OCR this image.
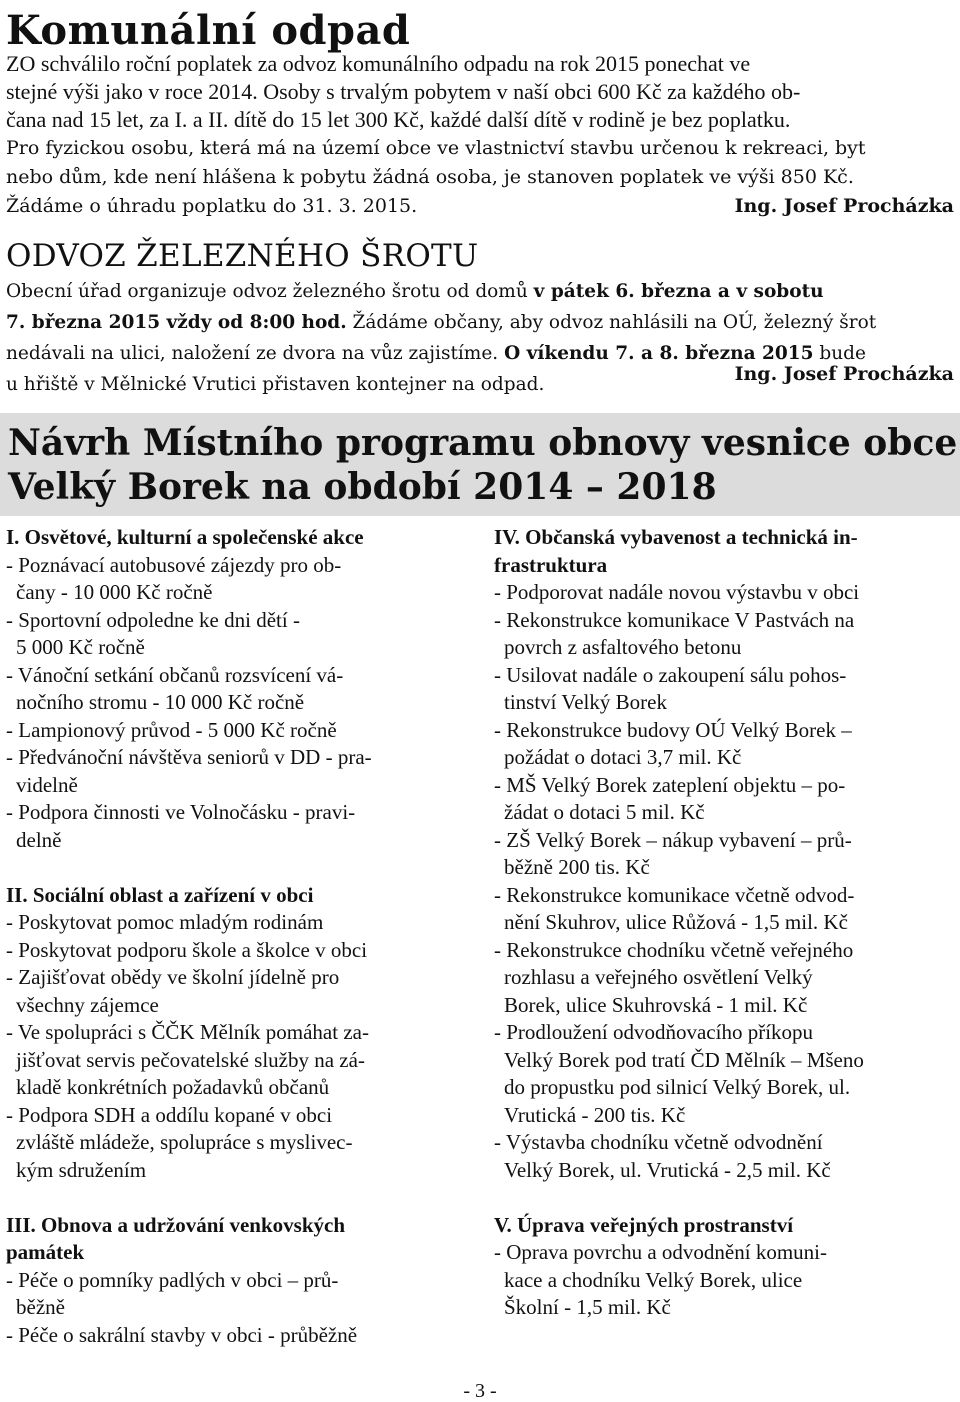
Komunální odpad
ZO schválilo roční poplatek za odvoz komunálního odpadu na rok 2015 ponechat ve
stejné výši jako v roce 2014. Osoby s trvalým pobytem v naší obci 600 Kč za každého ob-
čana nad 15 let, za I. a II. dítě do 15 let 300 Kč, každé další dítě v rodině je bez poplatku.
Pro fyzickou osobu, která má na území obce ve vlastnictví stavbu určenou k rekreaci, byt
nebo dům, kde není hlášena k pobytu žádná osoba, je stanoven poplatek ve výši 850 Kč.
Žádáme o úhradu poplatku do 31. 3. 2015.	Ing. Josef Procházka
ODVOZ ŽELEZNÉHO ŠROTU
Obecní úřad organizuje odvoz železného šrotu od domů v pátek 6. března a v sobotu
7. března 2015 vždy od 8:00 hod. Žádáme občany, aby odvoz nahlásili na OÚ, železný šrot
nedávali na ulici, naložení ze dvora na vůz zajistíme. O víkendu 7. a 8. března 2015 bude
u hřiště v Mělnické Vrutici přistaven kontejner na odpad.	Ing. Josef Procházka
Návrh Místního programu obnovy vesnice obce
Velký Borek na období 2014 – 2018
I. Osvětové, kulturní a společenské akce
- Poznávací autobusové zájezdy pro ob-
čany - 10 000 Kč ročně
- Sportovní odpoledne ke dni dětí -
5 000 Kč ročně
- Vánoční setkání občanů rozsvícení vá-
nočního stromu - 10 000 Kč ročně
- Lampionový průvod - 5 000 Kč ročně
- Předvánoční návštěva seniorů v DD - pra-
videlně
- Podpora činnosti ve Volnočásku - pravi-
delně
II. Sociální oblast a zařízení v obci
- Poskytovat pomoc mladým rodinám
- Poskytovat podporu škole a školce v obci
- Zajišťovat obědy ve školní jídelně pro
všechny zájemce
- Ve spolupráci s ČČK Mělník pomáhat za-
jišťovat servis pečovatelské služby na zá-
kladě konkrétních požadavků občanů
- Podpora SDH a oddílu kopané v obci
zvláště mládeže, spolupráce s myslivec-
kým sdružením
III. Obnova a udržování venkovských
památek
- Péče o pomníky padlých v obci – prů-
běžně
- Péče o sakrální stavby v obci - průběžně
IV. Občanská vybavenost a technická in-
frastruktura
- Podporovat nadále novou výstavbu v obci
- Rekonstrukce komunikace V Pastvách na
povrch z asfaltového betonu
- Usilovat nadále o zakoupení sálu pohos-
tinství Velký Borek
- Rekonstrukce budovy OÚ Velký Borek –
požádat o dotaci 3,7 mil. Kč
- MŠ Velký Borek zateplení objektu – po-
žádat o dotaci 5 mil. Kč
- ZŠ Velký Borek – nákup vybavení – prů-
běžně 200 tis. Kč
- Rekonstrukce komunikace včetně odvod-
nění Skuhrov, ulice Růžová - 1,5 mil. Kč
- Rekonstrukce chodníku včetně veřejného
rozhlasu a veřejného osvětlení Velký
Borek, ulice Skuhrovská - 1 mil. Kč
- Prodloužení odvodňovacího příkopu
Velký Borek pod tratí ČD Mělník – Mšeno
do propustku pod silnicí Velký Borek, ul.
Vrutická - 200 tis. Kč
- Výstavba chodníku včetně odvodnění
Velký Borek, ul. Vrutická - 2,5 mil. Kč
V. Úprava veřejných prostranství
- Oprava povrchu a odvodnění komuni-
kace a chodníku Velký Borek, ulice
Školní - 1,5 mil. Kč
- 3 -
